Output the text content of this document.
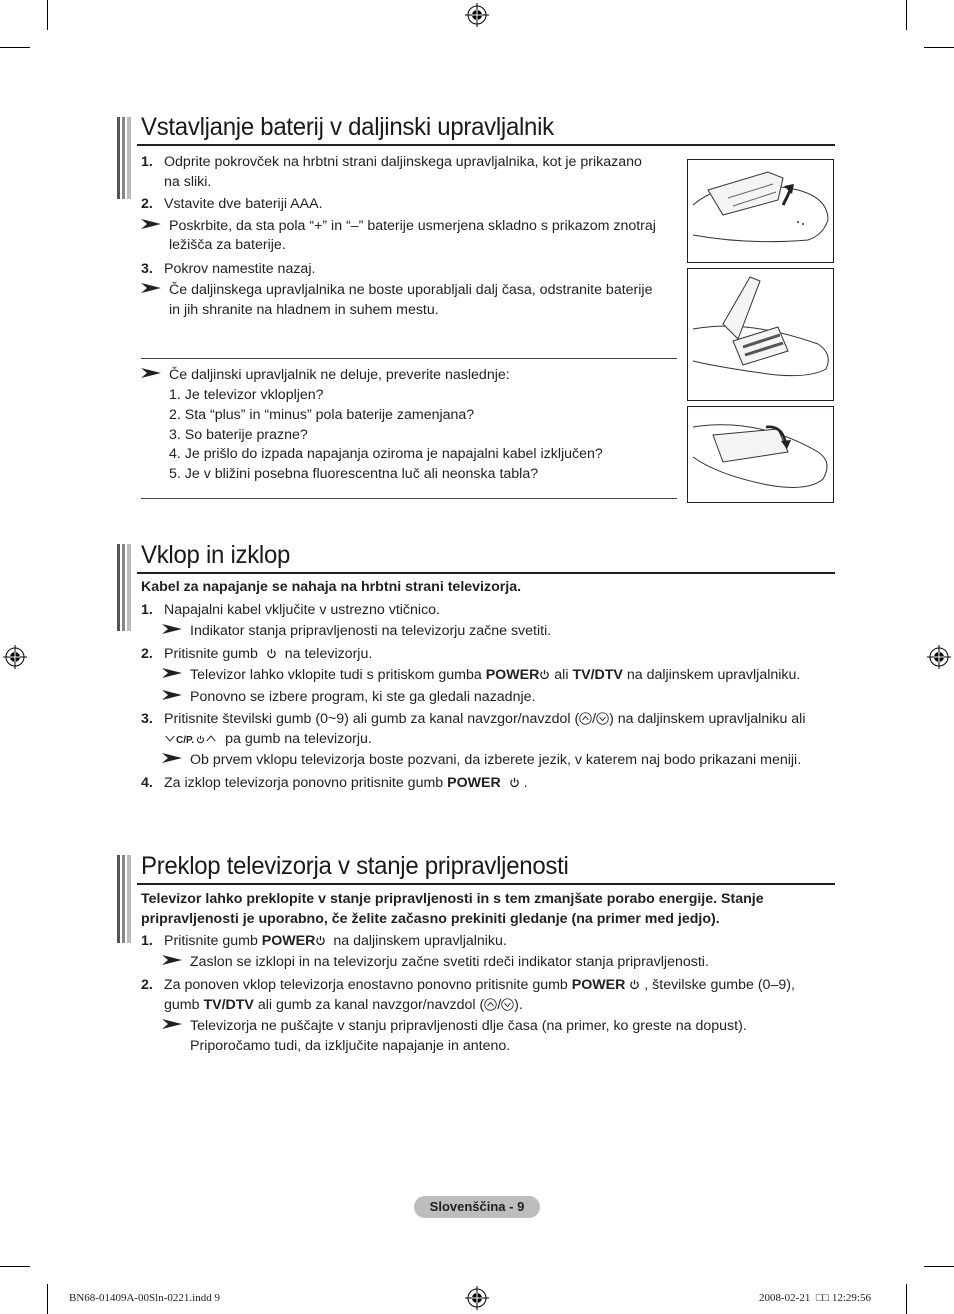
Vstavljanje baterij v daljinski upravljalnik
1. Odprite pokrovček na hrbtni strani daljinskega upravljalnika, kot je prikazano
na sliki.
2. Vstavite dve bateriji AAA.
Poskrbite, da sta pola “+” in “–” baterije usmerjena skladno s prikazom znotraj
ležišča za baterije.
3. Pokrov namestite nazaj.
Če daljinskega upravljalnika ne boste uporabljali dalj časa, odstranite baterije
in jih shranite na hladnem in suhem mestu.
Če daljinski upravljalnik ne deluje, preverite naslednje:
1. Je televizor vklopljen?
2. Sta “plus” in “minus” pola baterije zamenjana?
3. So baterije prazne?
4. Je prišlo do izpada napajanja oziroma je napajalni kabel izključen?
5. Je v bližini posebna fluorescentna luč ali neonska tabla?
Vklop in izklop
Kabel za napajanje se nahaja na hrbtni strani televizorja.
1. Napajalni kabel vključite v ustrezno vtičnico.
Indikator stanja pripravljenosti na televizorju začne svetiti.
2. Pritisnite gumb na televizorju.
Televizor lahko vklopite tudi s pritiskom gumba POWER ali TV/DTV na daljinskem upravljalniku.
Ponovno se izbere program, ki ste ga gledali nazadnje.
3. Pritisnite številski gumb (0~9) ali gumb za kanal navzgor/navzdol ( / ) na daljinskem upravljalniku ali
C/P. pa gumb na televizorju.
Ob prvem vklopu televizorja boste pozvani, da izberete jezik, v katerem naj bodo prikazani meniji.
4. Za izklop televizorja ponovno pritisnite gumb POWER .
Preklop televizorja v stanje pripravljenosti
Televizor lahko preklopite v stanje pripravljenosti in s tem zmanjšate porabo energije. Stanje
pripravljenosti je uporabno, če želite začasno prekiniti gledanje (na primer med jedjo).
1. Pritisnite gumb POWER na daljinskem upravljalniku.
Zaslon se izklopi in na televizorju začne svetiti rdeči indikator stanja pripravljenosti.
2. Za ponoven vklop televizorja enostavno ponovno pritisnite gumb POWER , številske gumbe (0–9),
gumb TV/DTV ali gumb za kanal navzgor/navzdol ( / ).
Televizorja ne puščajte v stanju pripravljenosti dlje časa (na primer, ko greste na dopust).
Priporočamo tudi, da izključite napajanje in anteno.
Slovenščina - 9
BN68-01409A-00Sln-0221.indd 9	2008-02-21 □□ 12:29:56
